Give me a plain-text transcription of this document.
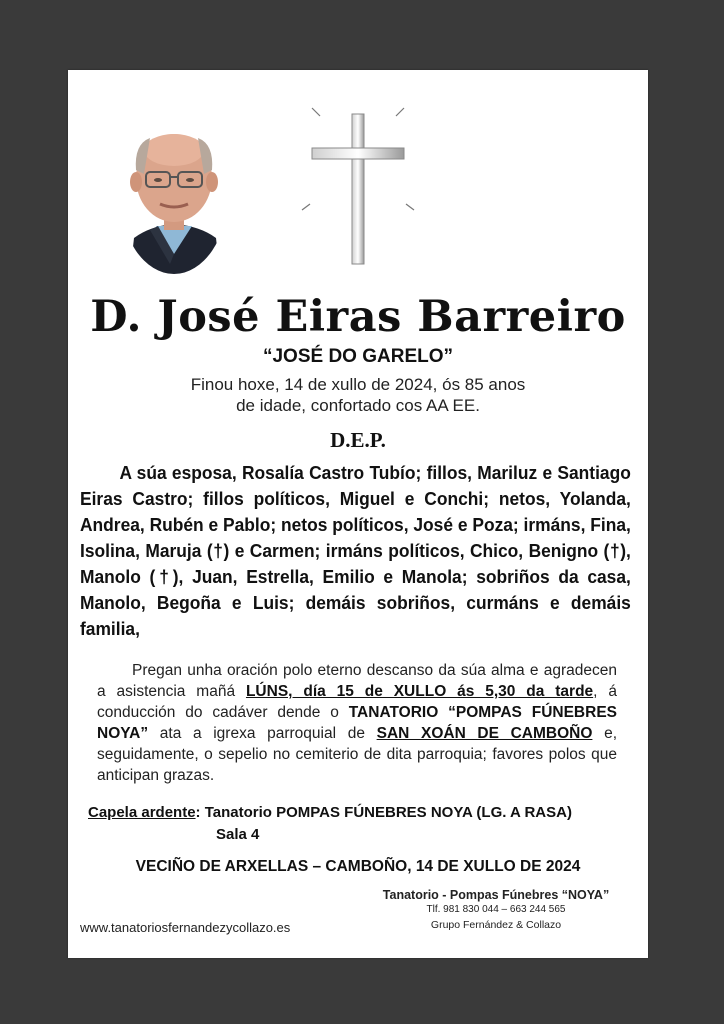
D. José Eiras Barreiro
“JOSÉ DO GARELO”
Finou hoxe, 14 de xullo de 2024, ós 85 anos
de idade, confortado cos AA EE.
D.E.P.
A súa esposa, Rosalía Castro Tubío; fillos, Mariluz e Santiago Eiras Castro; fillos políticos, Miguel e Conchi; netos, Yolanda, Andrea, Rubén e Pablo; netos políticos, José e Poza; irmáns, Fina, Isolina, Maruja (†) e Carmen; irmáns políticos, Chico, Benigno (†), Manolo (†), Juan, Estrella, Emilio e Manola; sobriños da casa, Manolo, Begoña e Luis; demáis sobriños, curmáns e demáis familia,
Pregan unha oración polo eterno descanso da súa alma e agradecen a asistencia mañá LÚNS, día 15 de XULLO ás 5,30 da tarde, á conducción do cadáver dende o TANATORIO “POMPAS FÚNEBRES NOYA” ata a igrexa parroquial de SAN XOÁN DE CAMBOÑO e, seguidamente, o sepelio no cemiterio de dita parroquia; favores polos que anticipan grazas.
Capela ardente: Tanatorio POMPAS FÚNEBRES NOYA (LG. A RASA)
Sala 4
VECIÑO DE ARXELLAS – CAMBOÑO, 14 DE XULLO DE 2024
Tanatorio - Pompas Fúnebres “NOYA”
Tlf. 981 830 044 – 663 244 565
Grupo Fernández & Collazo
www.tanatoriosfernandezycollazo.es
